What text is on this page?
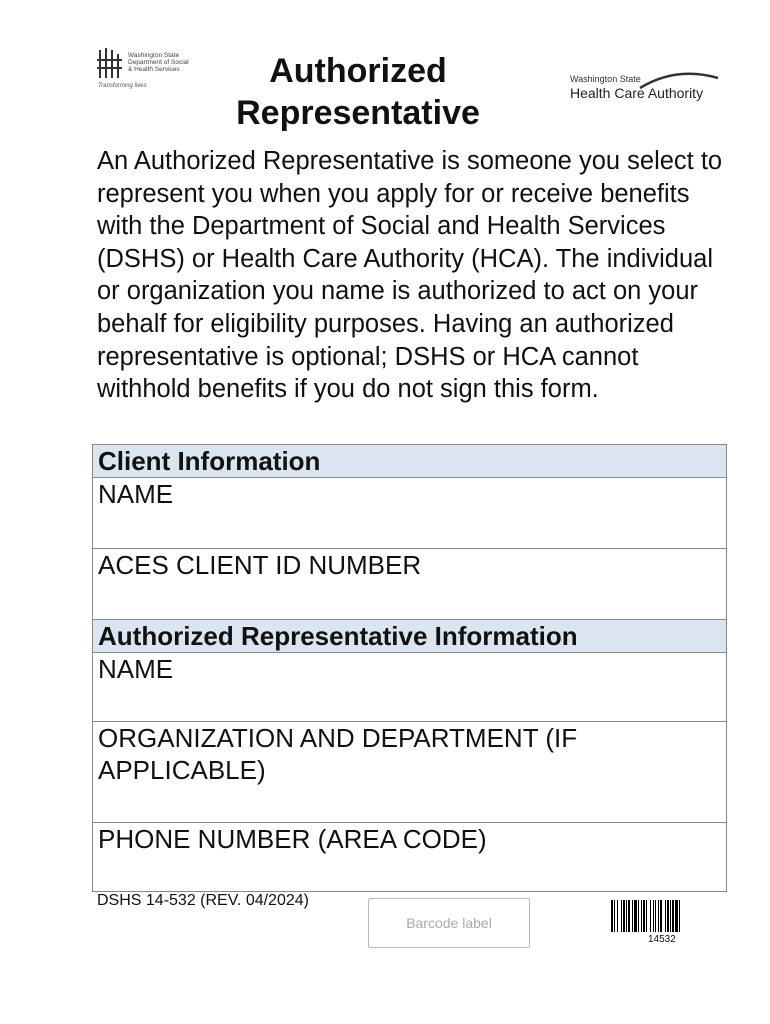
Washington State
Department of Social
& Health Services
Transforming lives	Authorized
Representative
Washington State
Health Care Authority
An Authorized Representative is someone you select to represent you when you apply for or receive benefits with the Department of Social and Health Services (DSHS) or Health Care Authority (HCA). The individual or organization you name is authorized to act on your behalf for eligibility purposes. Having an authorized representative is optional; DSHS or HCA cannot withhold benefits if you do not sign this form.
Client Information
NAME
ACES CLIENT ID NUMBER
Authorized Representative Information
NAME
ORGANIZATION AND DEPARTMENT (IF APPLICABLE)
PHONE NUMBER (AREA CODE)
DSHS 14-532 (REV. 04/2024)
Barcode label
14532
